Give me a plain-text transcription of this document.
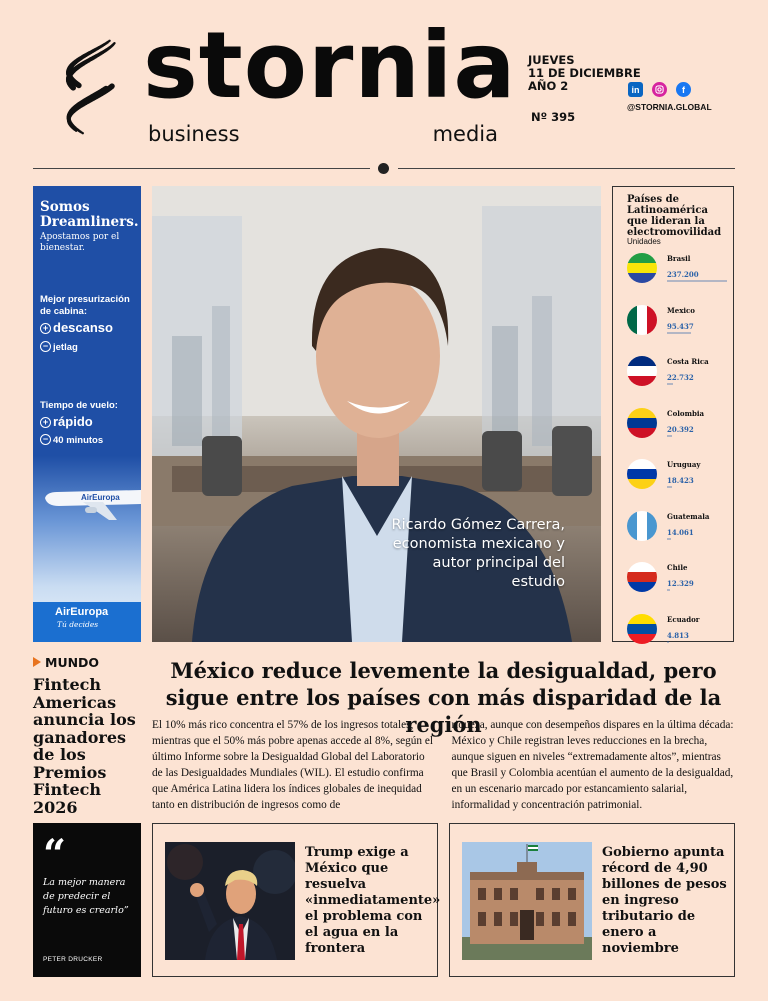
stornia
business	media
JUEVES
11 DE DICIEMBRE
AÑO 2
Nº 395
in	f
@STORNIA.GLOBAL
Somos Dreamliners.
Apostamos por el bienestar.
Mejor presurización de cabina:
+ descanso
− jetlag
Tiempo de vuelo:
+ rápido
− 40 minutos
AirEuropa
AirEuropa
Tú decides
Ricardo Gómez Carrera, economista mexicano y autor principal del estudio
Países de Latinoamérica que lideran la electromovilidad
Unidades
Brasil
237.200
Mexico
95.437
Costa Rica
22.732
Colombia
20.392
Uruguay
18.423
Guatemala
14.061
Chile
12.329
Ecuador
4.813
MUNDO
Fintech Americas anuncia los ganadores de los Premios Fintech 2026
México reduce levemente la desigualdad, pero sigue entre los países con más disparidad de la región

El 10% más rico concentra el 57% de los ingresos totales, mientras que el 50% más pobre apenas accede al 8%, según el último Informe sobre la Desigualdad Global del Laboratorio de las Desigualdades Mundiales (WIL). El estudio confirma que América Latina lidera los índices globales de inequidad tanto en distribución de ingresos como de

riqueza, aunque con desempeños dispares en la última década: México y Chile registran leves reducciones en la brecha, aunque siguen en niveles “extremadamente altos”, mientras que Brasil y Colombia acentúan el aumento de la desigualdad, en un escenario marcado por estancamiento salarial, informalidad y concentración patrimonial.

“
La mejor manera de predecir el futuro es crearlo”
PETER DRUCKER
Trump exige a México que resuelva «inmediatamente» el problema con el agua en la frontera
Gobierno apunta récord de 4,90 billones de pesos en ingreso tributario de enero a noviembre
